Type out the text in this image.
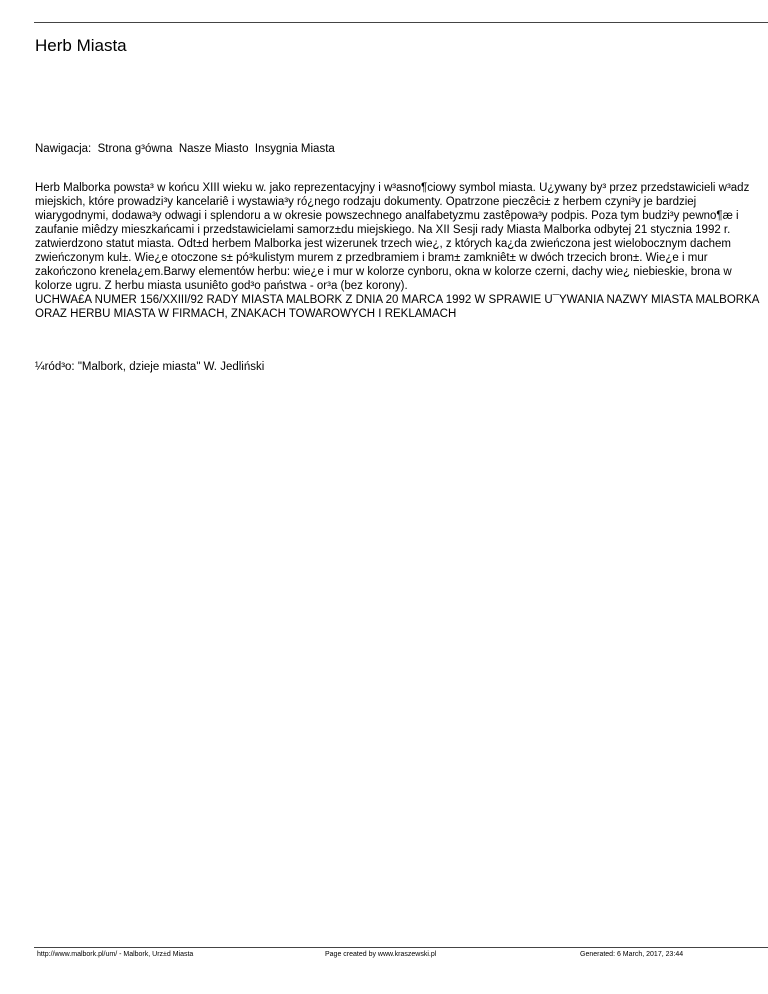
Herb Miasta
Nawigacja: Strona g³ówna Nasze Miasto Insygnia Miasta
Herb Malborka powsta³ w końcu XIII wieku w. jako reprezentacyjny i w³asno¶ciowy symbol miasta. U¿ywany by³ przez przedstawicieli w³adz miejskich, które prowadzi³y kancelariê i wystawia³y ró¿nego rodzaju dokumenty. Opatrzone pieczêci± z herbem czyni³y je bardziej wiarygodnymi, dodawa³y odwagi i splendoru a w okresie powszechnego analfabetyzmu zastêpowa³y podpis. Poza tym budzi³y pewno¶æ i zaufanie miêdzy mieszkańcami i przedstawicielami samorz±du miejskiego. Na XII Sesji rady Miasta Malborka odbytej 21 stycznia 1992 r. zatwierdzono statut miasta. Odt±d herbem Malborka jest wizerunek trzech wie¿, z których ka¿da zwieńczona jest wielobocznym dachem zwieńczonym kul±. Wie¿e otoczone s± pó³kulistym murem z przedbramiem i bram± zamkniêt± w dwóch trzecich bron±. Wie¿e i mur zakończono krenela¿em.Barwy elementów herbu: wie¿e i mur w kolorze cynboru, okna w kolorze czerni, dachy wie¿ niebieskie, brona w kolorze ugru. Z herbu miasta usuniêto god³o państwa - or³a (bez korony).
UCHWA£A NUMER 156/XXIII/92 RADY MIASTA MALBORK Z DNIA 20 MARCA 1992 W SPRAWIE U¯YWANIA NAZWY MIASTA MALBORKA ORAZ HERBU MIASTA W FIRMACH, ZNAKACH TOWAROWYCH I REKLAMACH
¼ród³o: "Malbork, dzieje miasta" W. Jedliński
http://www.malbork.pl/um/ - Malbork, Urz±d Miasta	Page created by www.kraszewski.pl	Generated: 6 March, 2017, 23:44
